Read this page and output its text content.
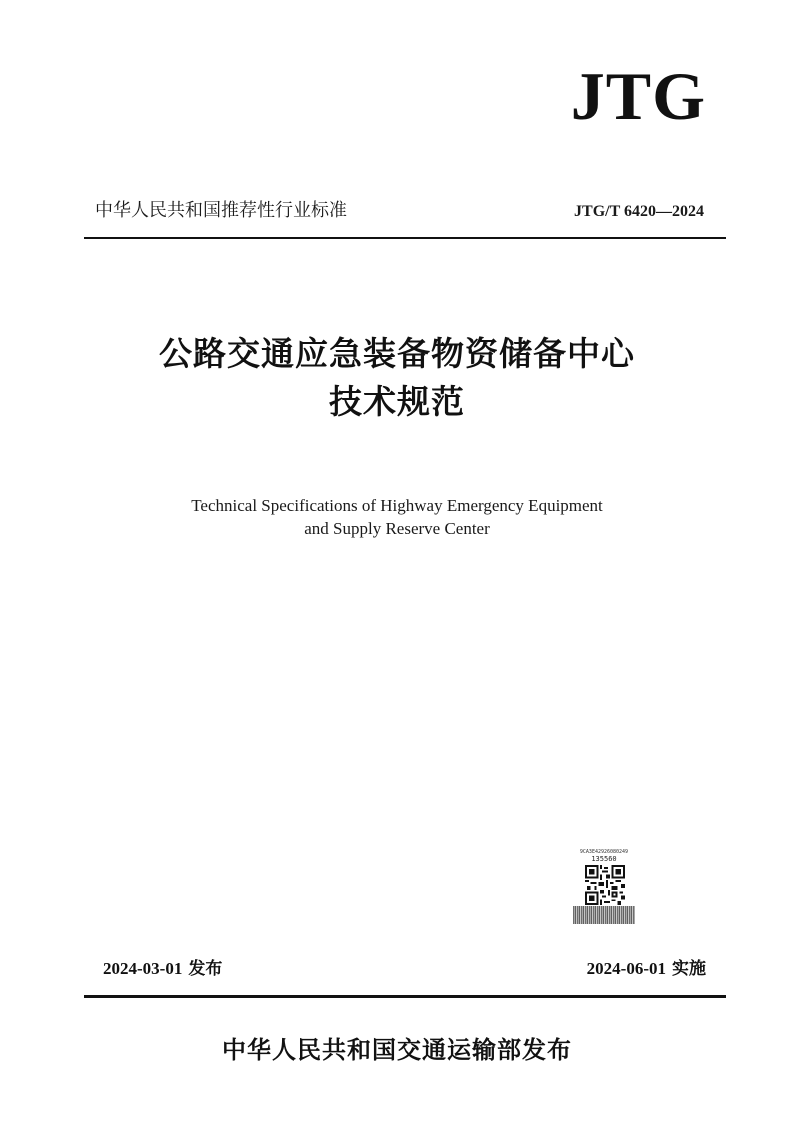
JTG
中华人民共和国推荐性行业标准	JTG/T 6420—2024
公路交通应急装备物资储备中心
技术规范
Technical Specifications of Highway Emergency Equipment
and Supply Reserve Center
9CA3E42926080249
135560
2024-03-01 发布	2024-06-01 实施
中华人民共和国交通运输部发布
